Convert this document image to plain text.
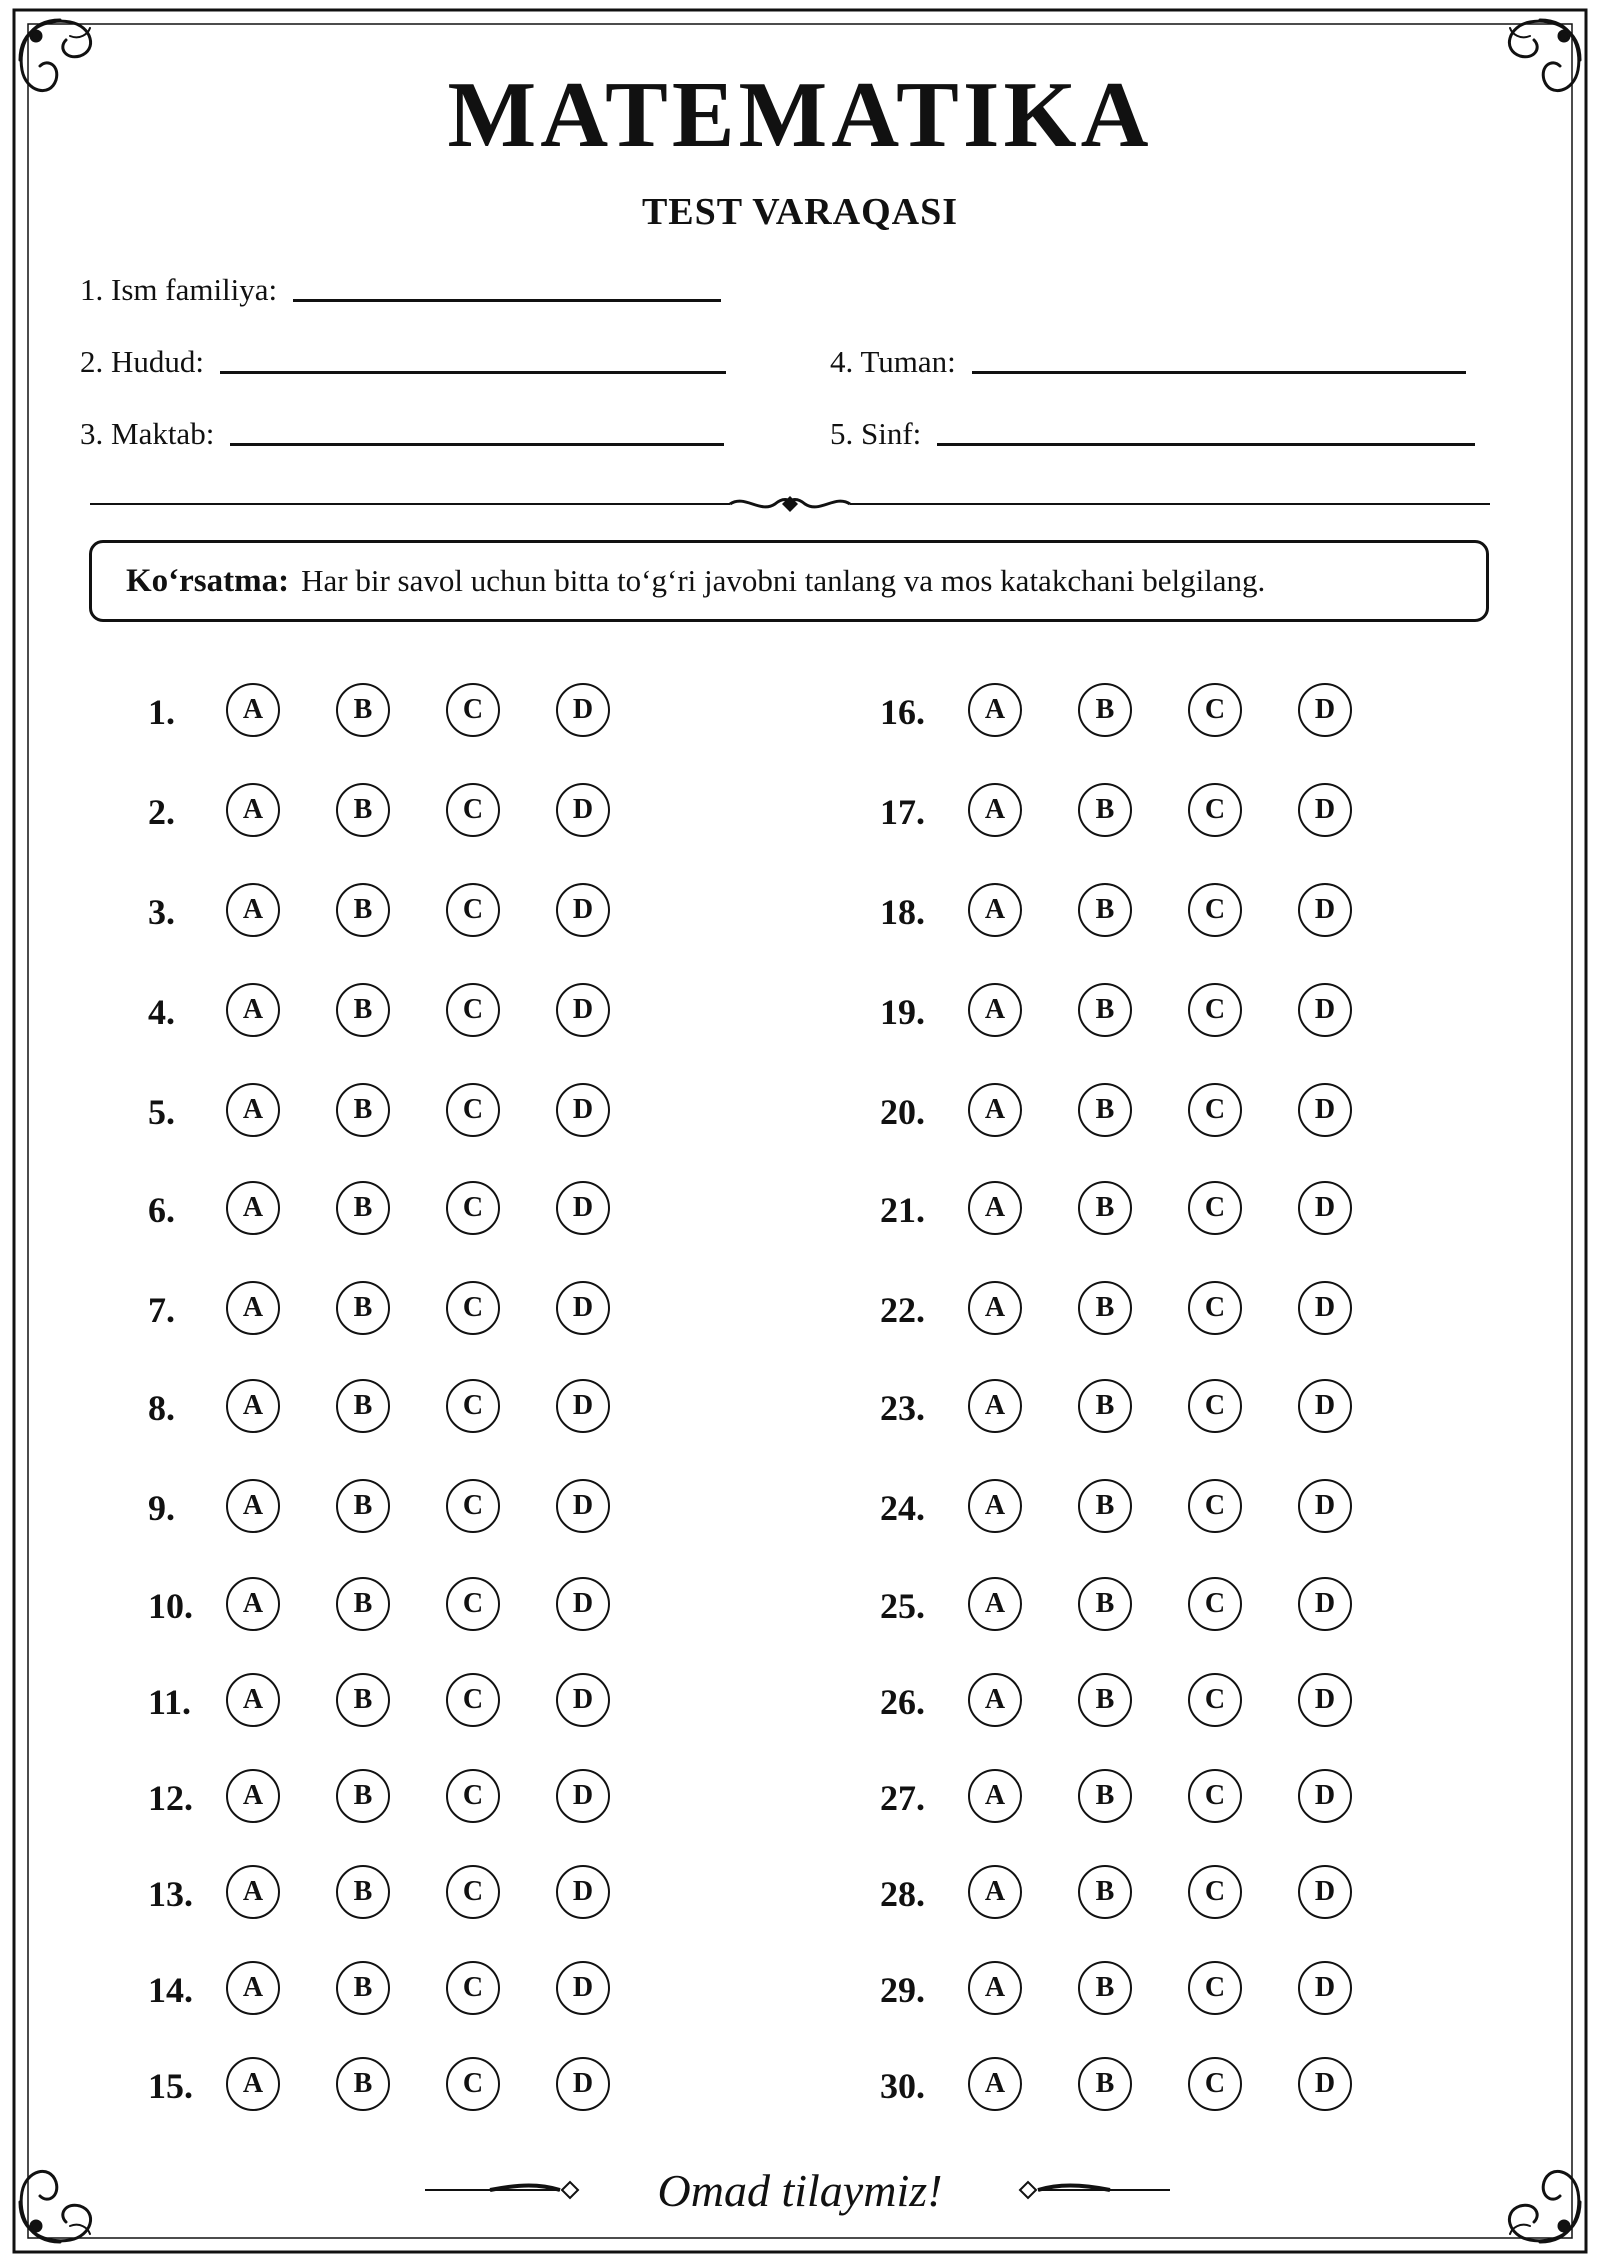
MATEMATIKA
TEST VARAQASI
1. Ism familiya:
2. Hudud:
3. Maktab:
4. Tuman:
5. Sinf:
Ko‘rsatma: Har bir savol uchun bitta to‘g‘ri javobni tanlang va mos katakchani belgilang.
1.	A	B	C	D
2.	A	B	C	D
3.	A	B	C	D
4.	A	B	C	D
5.	A	B	C	D
6.	A	B	C	D
7.	A	B	C	D
8.	A	B	C	D
9.	A	B	C	D
10.	A	B	C	D
11.	A	B	C	D
12.	A	B	C	D
13.	A	B	C	D
14.	A	B	C	D
15.	A	B	C	D
16.	A	B	C	D
17.	A	B	C	D
18.	A	B	C	D
19.	A	B	C	D
20.	A	B	C	D
21.	A	B	C	D
22.	A	B	C	D
23.	A	B	C	D
24.	A	B	C	D
25.	A	B	C	D
26.	A	B	C	D
27.	A	B	C	D
28.	A	B	C	D
29.	A	B	C	D
30.	A	B	C	D
Omad tilaymiz!
